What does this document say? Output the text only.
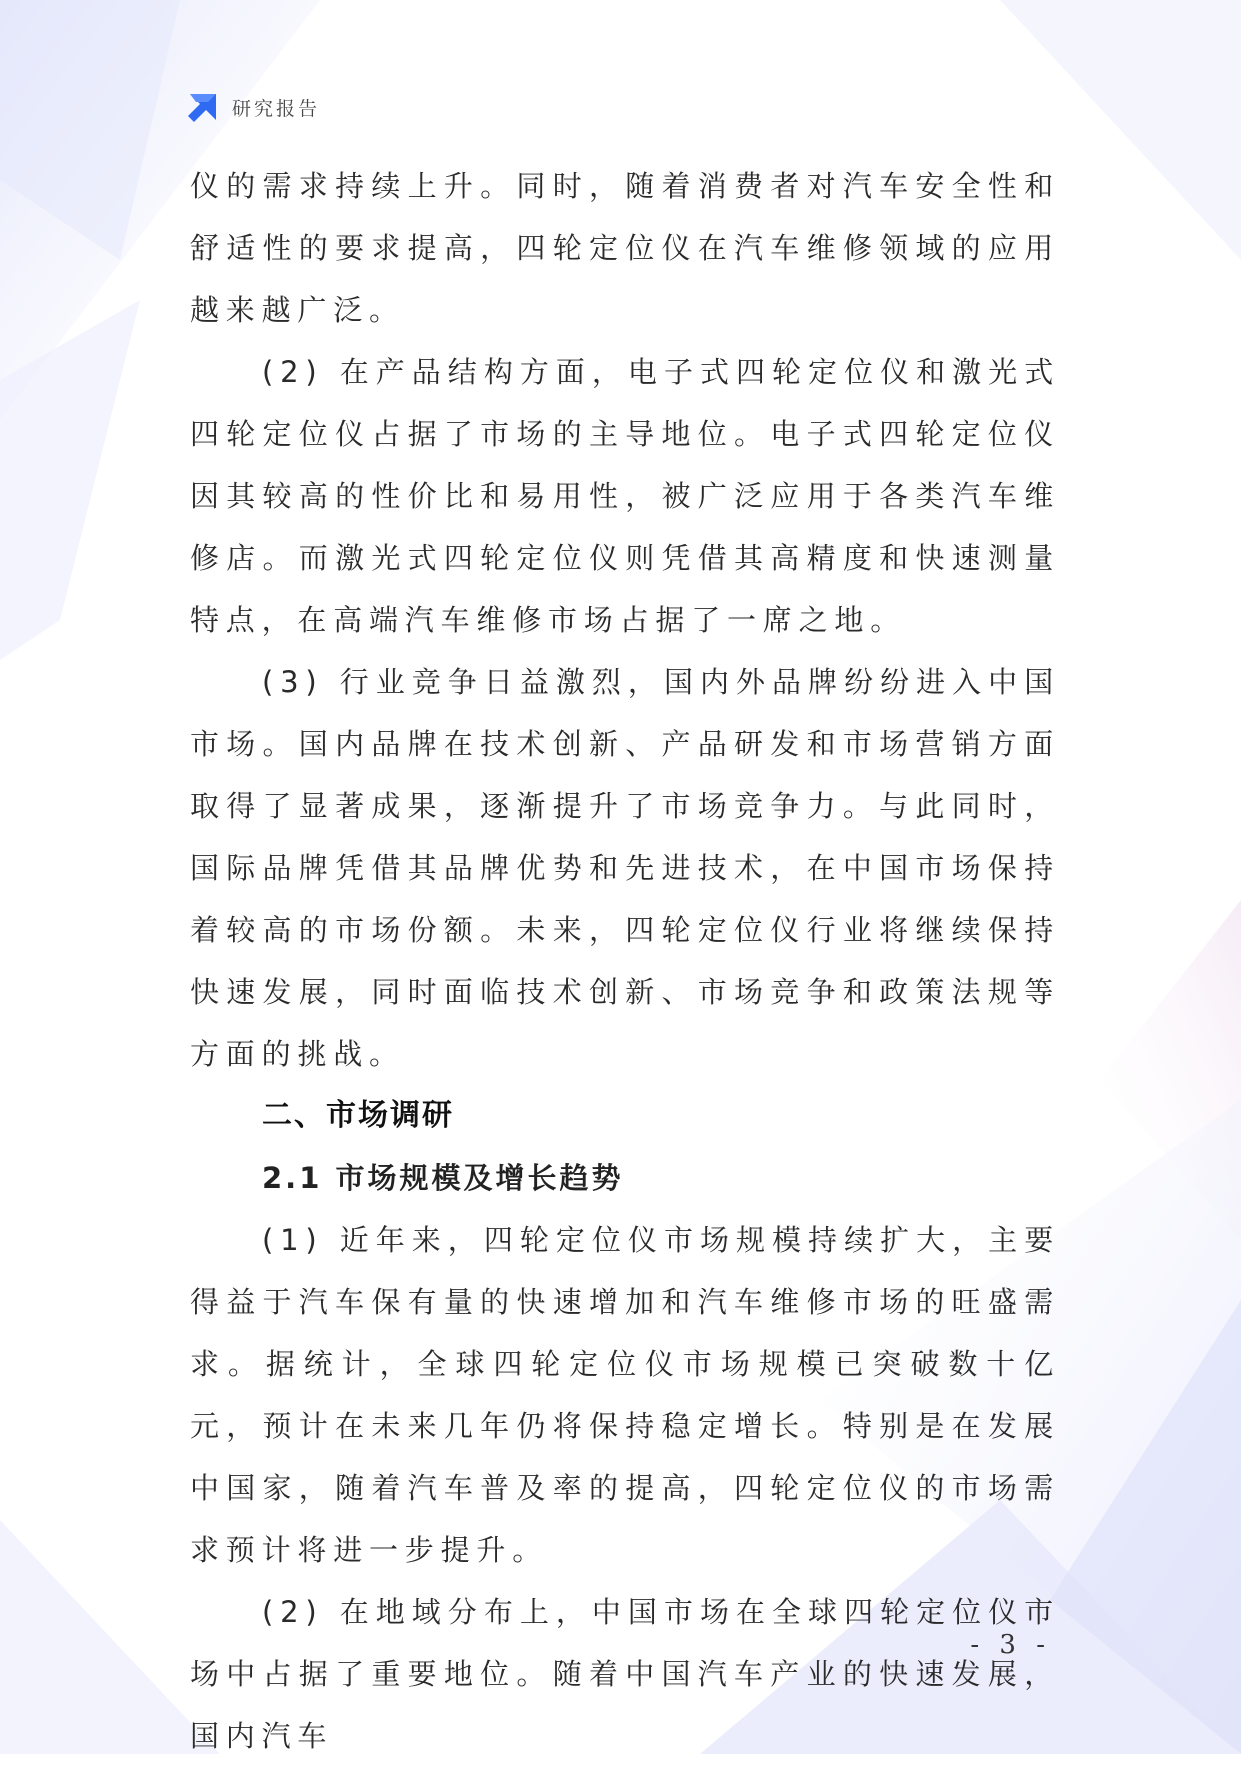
研究报告

仪的需求持续上升。同时，随着消费者对汽车安全性和舒适性的要求提高，四轮定位仪在汽车维修领域的应用越来越广泛。

(2) 在产品结构方面，电子式四轮定位仪和激光式四轮定位仪占据了市场的主导地位。电子式四轮定位仪因其较高的性价比和易用性，被广泛应用于各类汽车维修店。而激光式四轮定位仪则凭借其高精度和快速测量特点，在高端汽车维修市场占据了一席之地。

(3) 行业竞争日益激烈，国内外品牌纷纷进入中国市场。国内品牌在技术创新、产品研发和市场营销方面取得了显著成果，逐渐提升了市场竞争力。与此同时，国际品牌凭借其品牌优势和先进技术，在中国市场保持着较高的市场份额。未来，四轮定位仪行业将继续保持快速发展，同时面临技术创新、市场竞争和政策法规等方面的挑战。

二、市场调研
2.1 市场规模及增长趋势

(1) 近年来，四轮定位仪市场规模持续扩大，主要得益于汽车保有量的快速增加和汽车维修市场的旺盛需求。据统计，全球四轮定位仪市场规模已突破数十亿元，预计在未来几年仍将保持稳定增长。特别是在发展中国家，随着汽车普及率的提高，四轮定位仪的市场需求预计将进一步提升。

(2) 在地域分布上，中国市场在全球四轮定位仪市场中占据了重要地位。随着中国汽车产业的快速发展，国内汽车

- 3 -
